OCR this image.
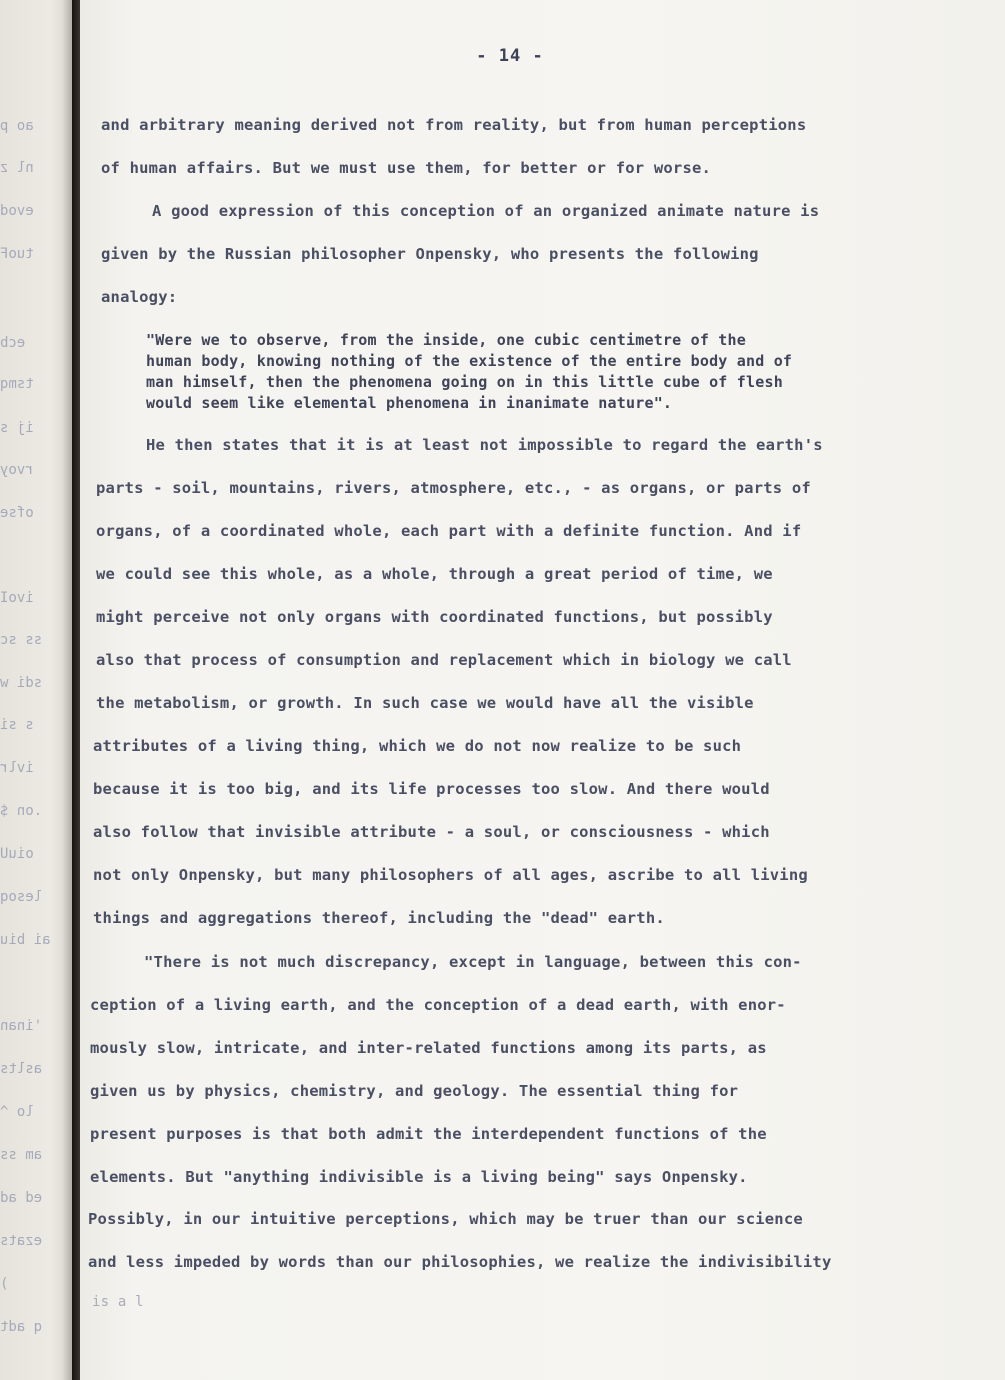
ao p
nl z
evod
tuoF
ecb
tsmq
ij s
rvoy
ofse
ivoI
ss sc
sdi w
s si
ivlr
.on $
oiuU
lesoq
ai biu
'inan
aslts
lo ^
am ss
ed ad
ezats
)
q adt
- 14 -
and arbitrary meaning derived not from reality, but from human perceptions
of human affairs. But we must use them, for better or for worse.
A good expression of this conception of an organized animate nature is
given by the Russian philosopher Onpensky, who presents the following
analogy:
"Were we to observe, from the inside, one cubic centimetre of the
human body, knowing nothing of the existence of the entire body and of
man himself, then the phenomena going on in this little cube of flesh
would seem like elemental phenomena in inanimate nature".
He then states that it is at least not impossible to regard the earth's
parts - soil, mountains, rivers, atmosphere, etc., - as organs, or parts of
organs, of a coordinated whole, each part with a definite function. And if
we could see this whole, as a whole, through a great period of time, we
might perceive not only organs with coordinated functions, but possibly
also that process of consumption and replacement which in biology we call
the metabolism, or growth. In such case we would have all the visible
attributes of a living thing, which we do not now realize to be such
because it is too big, and its life processes too slow. And there would
also follow that invisible attribute - a soul, or consciousness - which
not only Onpensky, but many philosophers of all ages, ascribe to all living
things and aggregations thereof, including the "dead" earth.
"There is not much discrepancy, except in language, between this con-
ception of a living earth, and the conception of a dead earth, with enor-
mously slow, intricate, and inter-related functions among its parts, as
given us by physics, chemistry, and geology. The essential thing for
present purposes is that both admit the interdependent functions of the
elements. But "anything indivisible is a living being" says Onpensky.
Possibly, in our intuitive perceptions, which may be truer than our science
and less impeded by words than our philosophies, we realize the indivisibility
is a l
